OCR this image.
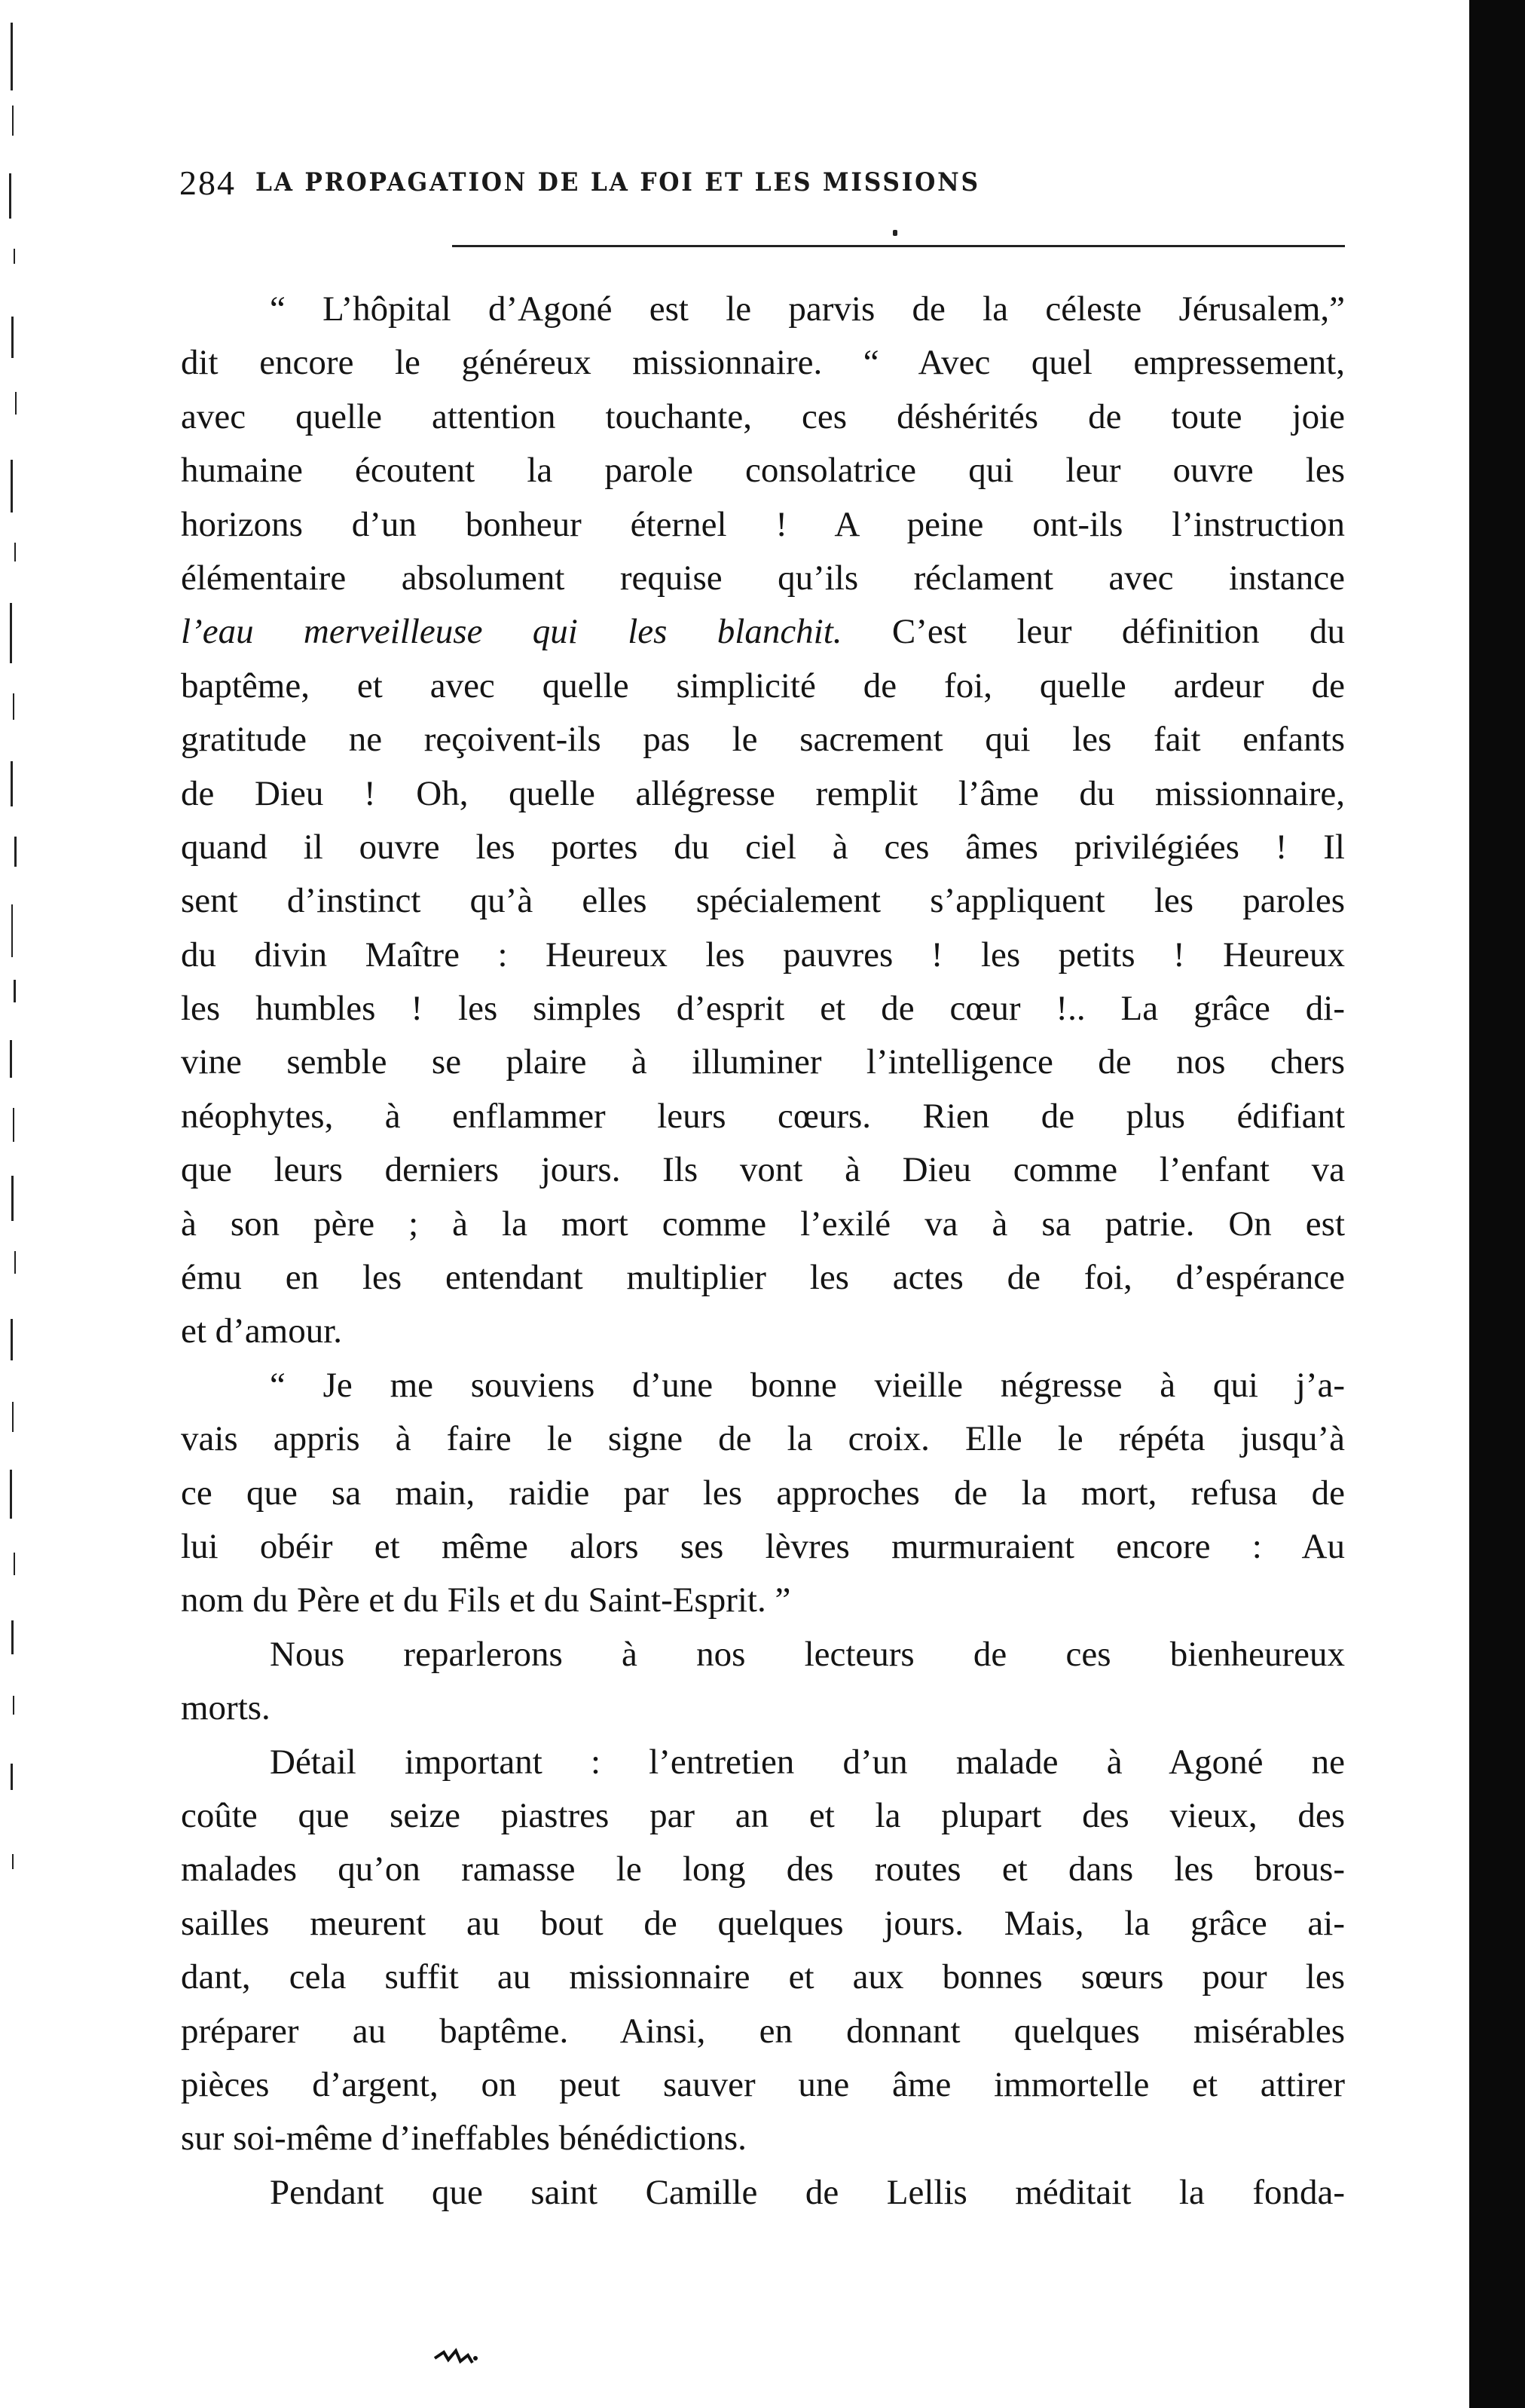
284 LA PROPAGATION DE LA FOI ET LES MISSIONS
“ L’hôpital d’Agoné est le parvis de la céleste Jérusalem,”
dit encore le généreux missionnaire. “ Avec quel empressement,
avec quelle attention touchante, ces déshérités de toute joie
humaine écoutent la parole consolatrice qui leur ouvre les
horizons d’un bonheur éternel ! A peine ont-ils l’instruction
élémentaire absolument requise qu’ils réclament avec instance
l’eau merveilleuse qui les blanchit. C’est leur définition du
baptême, et avec quelle simplicité de foi, quelle ardeur de
gratitude ne reçoivent-ils pas le sacrement qui les fait enfants
de Dieu ! Oh, quelle allégresse remplit l’âme du missionnaire,
quand il ouvre les portes du ciel à ces âmes privilégiées ! Il
sent d’instinct qu’à elles spécialement s’appliquent les paroles
du divin Maître : Heureux les pauvres ! les petits ! Heureux
les humbles ! les simples d’esprit et de cœur !.. La grâce di-
vine semble se plaire à illuminer l’intelligence de nos chers
néophytes, à enflammer leurs cœurs. Rien de plus édifiant
que leurs derniers jours. Ils vont à Dieu comme l’enfant va
à son père ; à la mort comme l’exilé va à sa patrie. On est
ému en les entendant multiplier les actes de foi, d’espérance
et d’amour.
“ Je me souviens d’une bonne vieille négresse à qui j’a-
vais appris à faire le signe de la croix. Elle le répéta jusqu’à
ce que sa main, raidie par les approches de la mort, refusa de
lui obéir et même alors ses lèvres murmuraient encore : Au
nom du Père et du Fils et du Saint-Esprit. ”
Nous reparlerons à nos lecteurs de ces bienheureux
morts.
Détail important : l’entretien d’un malade à Agoné ne
coûte que seize piastres par an et la plupart des vieux, des
malades qu’on ramasse le long des routes et dans les brous-
sailles meurent au bout de quelques jours. Mais, la grâce ai-
dant, cela suffit au missionnaire et aux bonnes sœurs pour les
préparer au baptême. Ainsi, en donnant quelques misérables
pièces d’argent, on peut sauver une âme immortelle et attirer
sur soi-même d’ineffables bénédictions.
Pendant que saint Camille de Lellis méditait la fonda-
